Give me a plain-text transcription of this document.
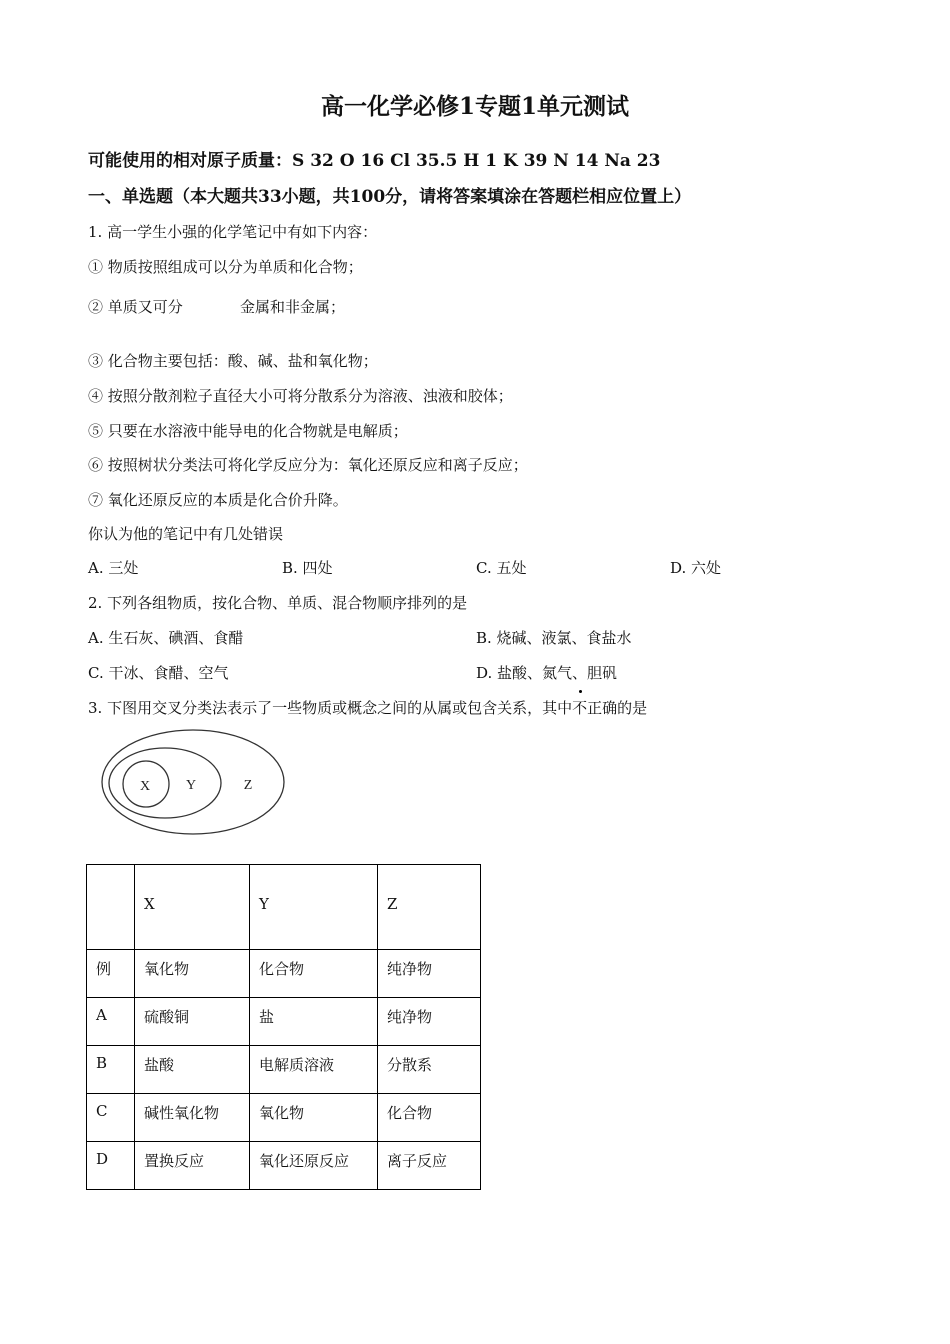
高一化学必修1专题1单元测试
可能使用的相对原子质量：S 32 O 16 Cl 35.5 H 1 K 39 N 14 Na 23
一、单选题（本大题共33小题，共100分，请将答案填涂在答题栏相应位置上）
1. 高一学生小强的化学笔记中有如下内容：
① 物质按照组成可以分为单质和化合物；
② 单质又可分	金属和非金属；
③ 化合物主要包括：酸、碱、盐和氧化物；
④ 按照分散剂粒子直径大小可将分散系分为溶液、浊液和胶体；
⑤ 只要在水溶液中能导电的化合物就是电解质；
⑥ 按照树状分类法可将化学反应分为：氧化还原反应和离子反应；
⑦ 氧化还原反应的本质是化合价升降。
你认为他的笔记中有几处错误
A. 三处	B. 四处	C. 五处	D. 六处
2. 下列各组物质，按化合物、单质、混合物顺序排列的是
A. 生石灰、碘酒、食醋	B. 烧碱、液氯、食盐水
C. 干冰、食醋、空气	D. 盐酸、氮气、胆矾
3. 下图用交叉分类法表示了一些物质或概念之间的从属或包含关系，其中不正确的是
X	Y	Z
	X	Y	Z
例	氧化物	化合物	纯净物
A	硫酸铜	盐	纯净物
B	盐酸	电解质溶液	分散系
C	碱性氧化物	氧化物	化合物
D	置换反应	氧化还原反应	离子反应
